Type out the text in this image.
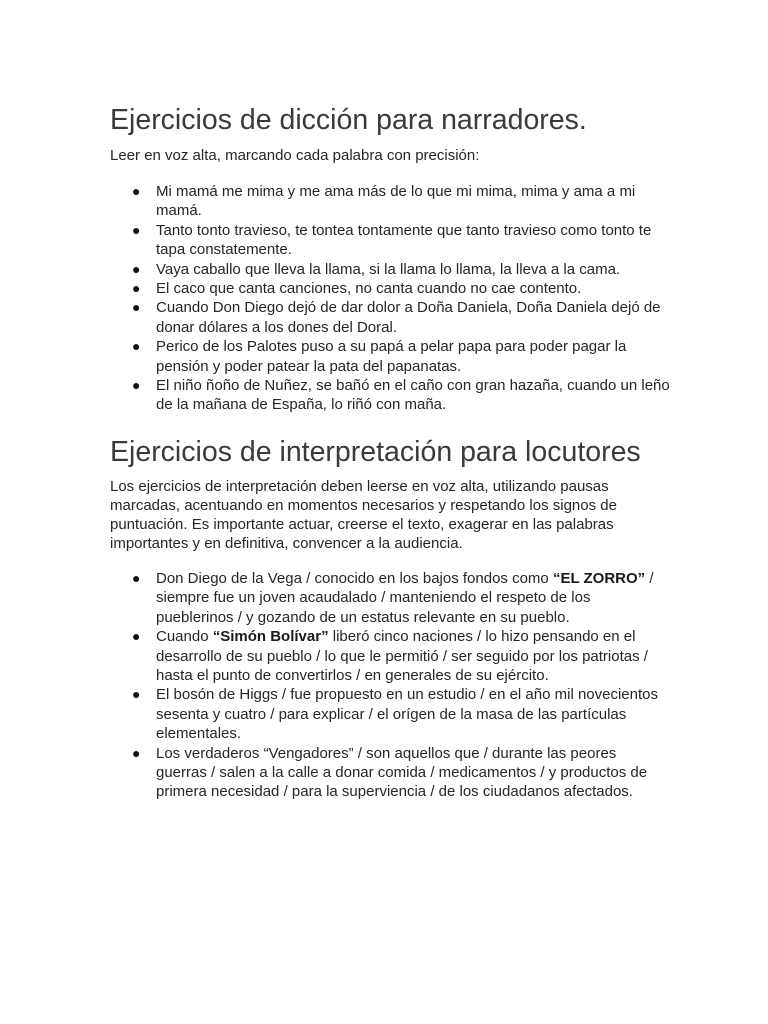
Ejercicios de dicción para narradores.

Leer en voz alta, marcando cada palabra con precisión:

● Mi mamá me mima y me ama más de lo que mi mima, mima y ama a mi mamá.
● Tanto tonto travieso, te tontea tontamente que tanto travieso como tonto te tapa constatemente.
● Vaya caballo que lleva la llama, si la llama lo llama, la lleva a la cama.
● El caco que canta canciones, no canta cuando no cae contento.
● Cuando Don Diego dejó de dar dolor a Doña Daniela, Doña Daniela dejó de donar dólares a los dones del Doral.
● Perico de los Palotes puso a su papá a pelar papa para poder pagar la pensión y poder patear la pata del papanatas.
● El niño ñoño de Nuñez, se bañó en el caño con gran hazaña, cuando un leño de la mañana de España, lo riñó con maña.
Ejercicios de interpretación para locutores

Los ejercicios de interpretación deben leerse en voz alta, utilizando pausas marcadas, acentuando en momentos necesarios y respetando los signos de puntuación. Es importante actuar, creerse el texto, exagerar en las palabras importantes y en definitiva, convencer a la audiencia.

● Don Diego de la Vega / conocido en los bajos fondos como “EL ZORRO” / siempre fue un joven acaudalado / manteniendo el respeto de los pueblerinos / y gozando de un estatus relevante en su pueblo.
● Cuando “Simón Bolívar” liberó cinco naciones / lo hizo pensando en el desarrollo de su pueblo / lo que le permitió / ser seguido por los patriotas / hasta el punto de convertirlos / en generales de su ejército.
● El bosón de Higgs / fue propuesto en un estudio / en el año mil novecientos sesenta y cuatro / para explicar / el orígen de la masa de las partículas elementales.
● Los verdaderos “Vengadores” / son aquellos que / durante las peores guerras / salen a la calle a donar comida / medicamentos / y productos de primera necesidad / para la superviencia / de los ciudadanos afectados.
